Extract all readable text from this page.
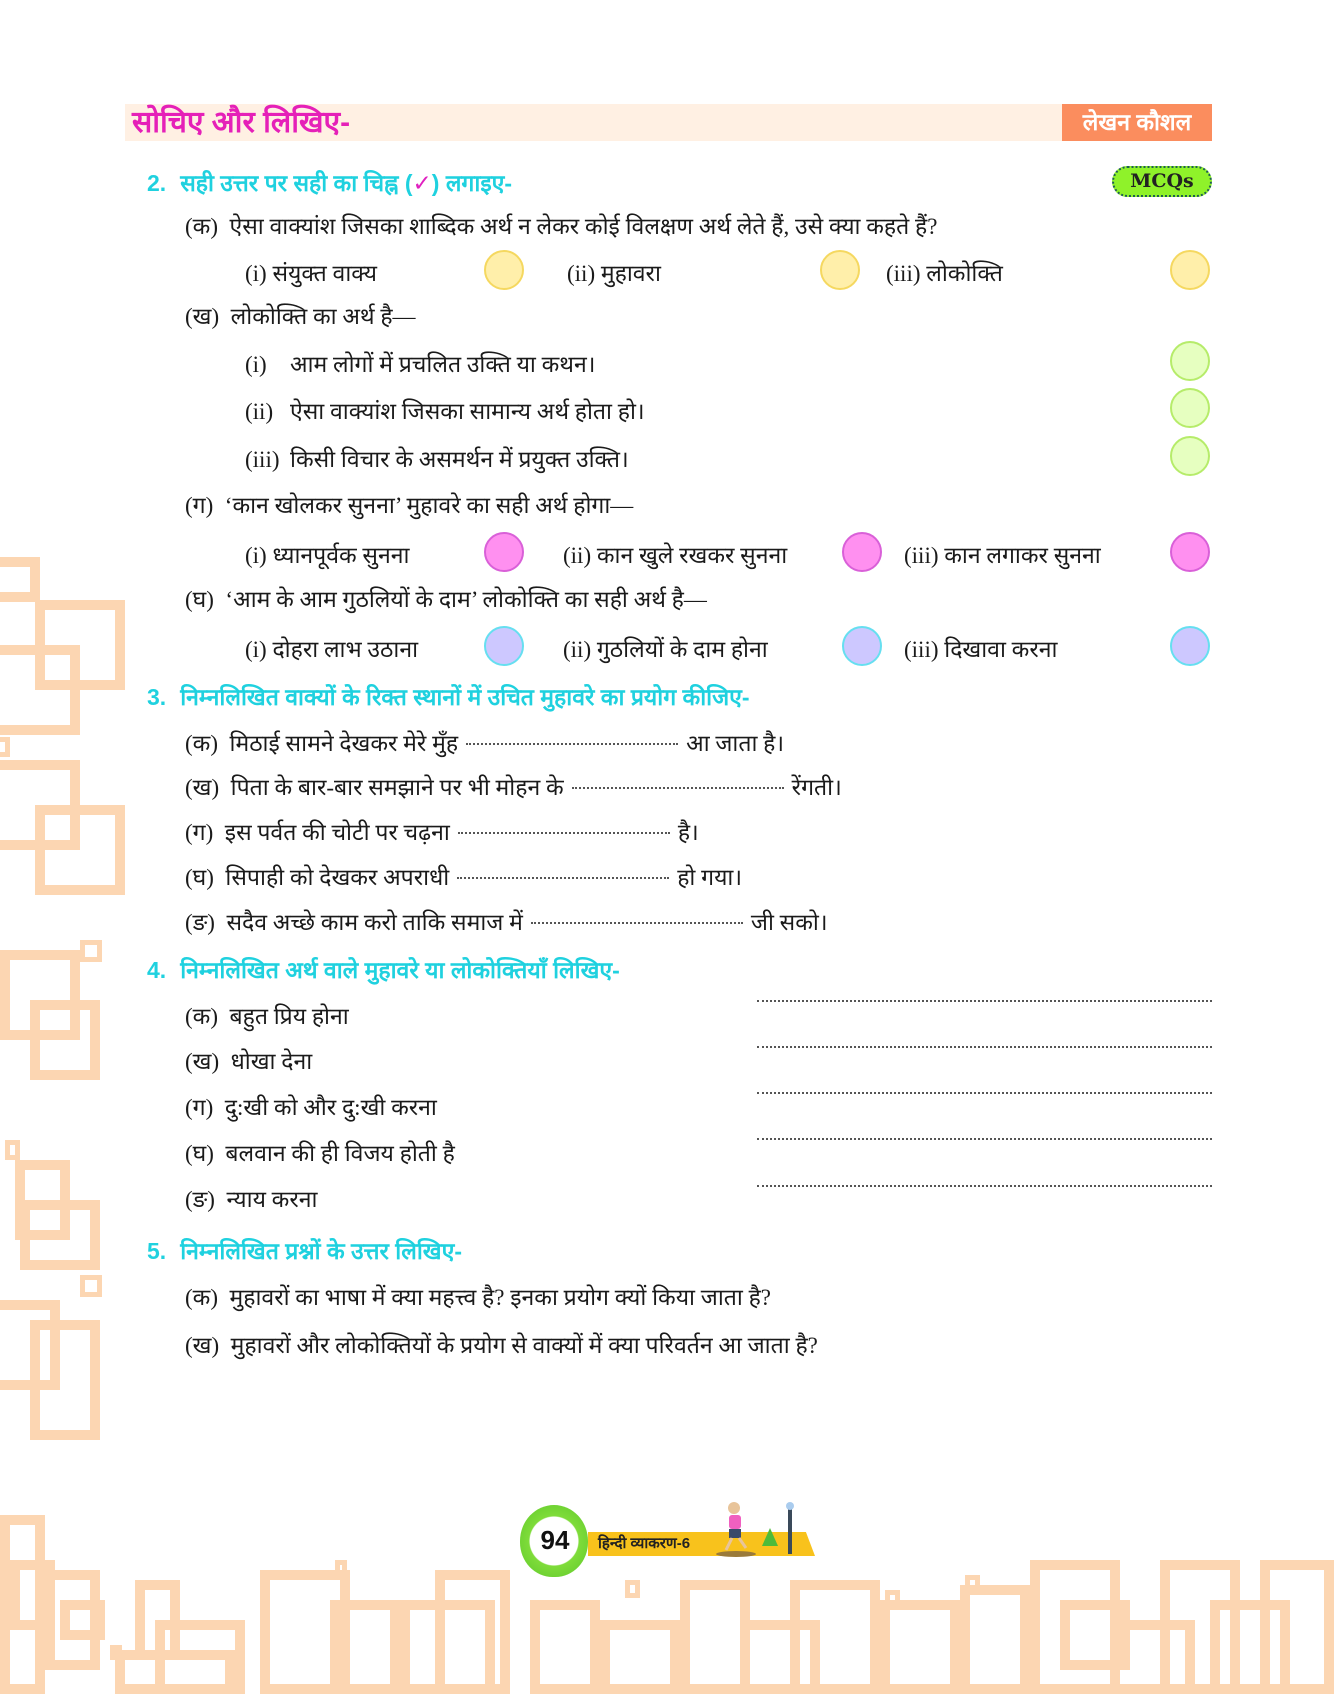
सोचिए और लिखिए-	लेखन कौशल
2. सही उत्तर पर सही का चिह्न (✓) लगाइए-	MCQs
(क) ऐसा वाक्यांश जिसका शाब्दिक अर्थ न लेकर कोई विलक्षण अर्थ लेते हैं, उसे क्या कहते हैं?
(i) संयुक्त वाक्य	(ii) मुहावरा	(iii) लोकोक्ति
(ख) लोकोक्ति का अर्थ है—
(i) आम लोगों में प्रचलित उक्ति या कथन।
(ii) ऐसा वाक्यांश जिसका सामान्य अर्थ होता हो।
(iii) किसी विचार के असमर्थन में प्रयुक्त उक्ति।
(ग) ‘कान खोलकर सुनना’ मुहावरे का सही अर्थ होगा—
(i) ध्यानपूर्वक सुनना	(ii) कान खुले रखकर सुनना	(iii) कान लगाकर सुनना
(घ) ‘आम के आम गुठलियों के दाम’ लोकोक्ति का सही अर्थ है—
(i) दोहरा लाभ उठाना	(ii) गुठलियों के दाम होना	(iii) दिखावा करना
3. निम्नलिखित वाक्यों के रिक्त स्थानों में उचित मुहावरे का प्रयोग कीजिए-
(क) मिठाई सामने देखकर मेरे मुँह	आ जाता है।
(ख) पिता के बार-बार समझाने पर भी मोहन के	रेंगती।
(ग) इस पर्वत की चोटी पर चढ़ना	है।
(घ) सिपाही को देखकर अपराधी	हो गया।
(ङ) सदैव अच्छे काम करो ताकि समाज में	जी सको।
4. निम्नलिखित अर्थ वाले मुहावरे या लोकोक्तियाँ लिखिए-
(क) बहुत प्रिय होना
(ख) धोखा देना
(ग) दु:खी को और दु:खी करना
(घ) बलवान की ही विजय होती है
(ङ) न्याय करना
5. निम्नलिखित प्रश्नों के उत्तर लिखिए-
(क) मुहावरों का भाषा में क्या महत्त्व है? इनका प्रयोग क्यों किया जाता है?
(ख) मुहावरों और लोकोक्तियों के प्रयोग से वाक्यों में क्या परिवर्तन आ जाता है?
94	हिन्दी व्याकरण-6
